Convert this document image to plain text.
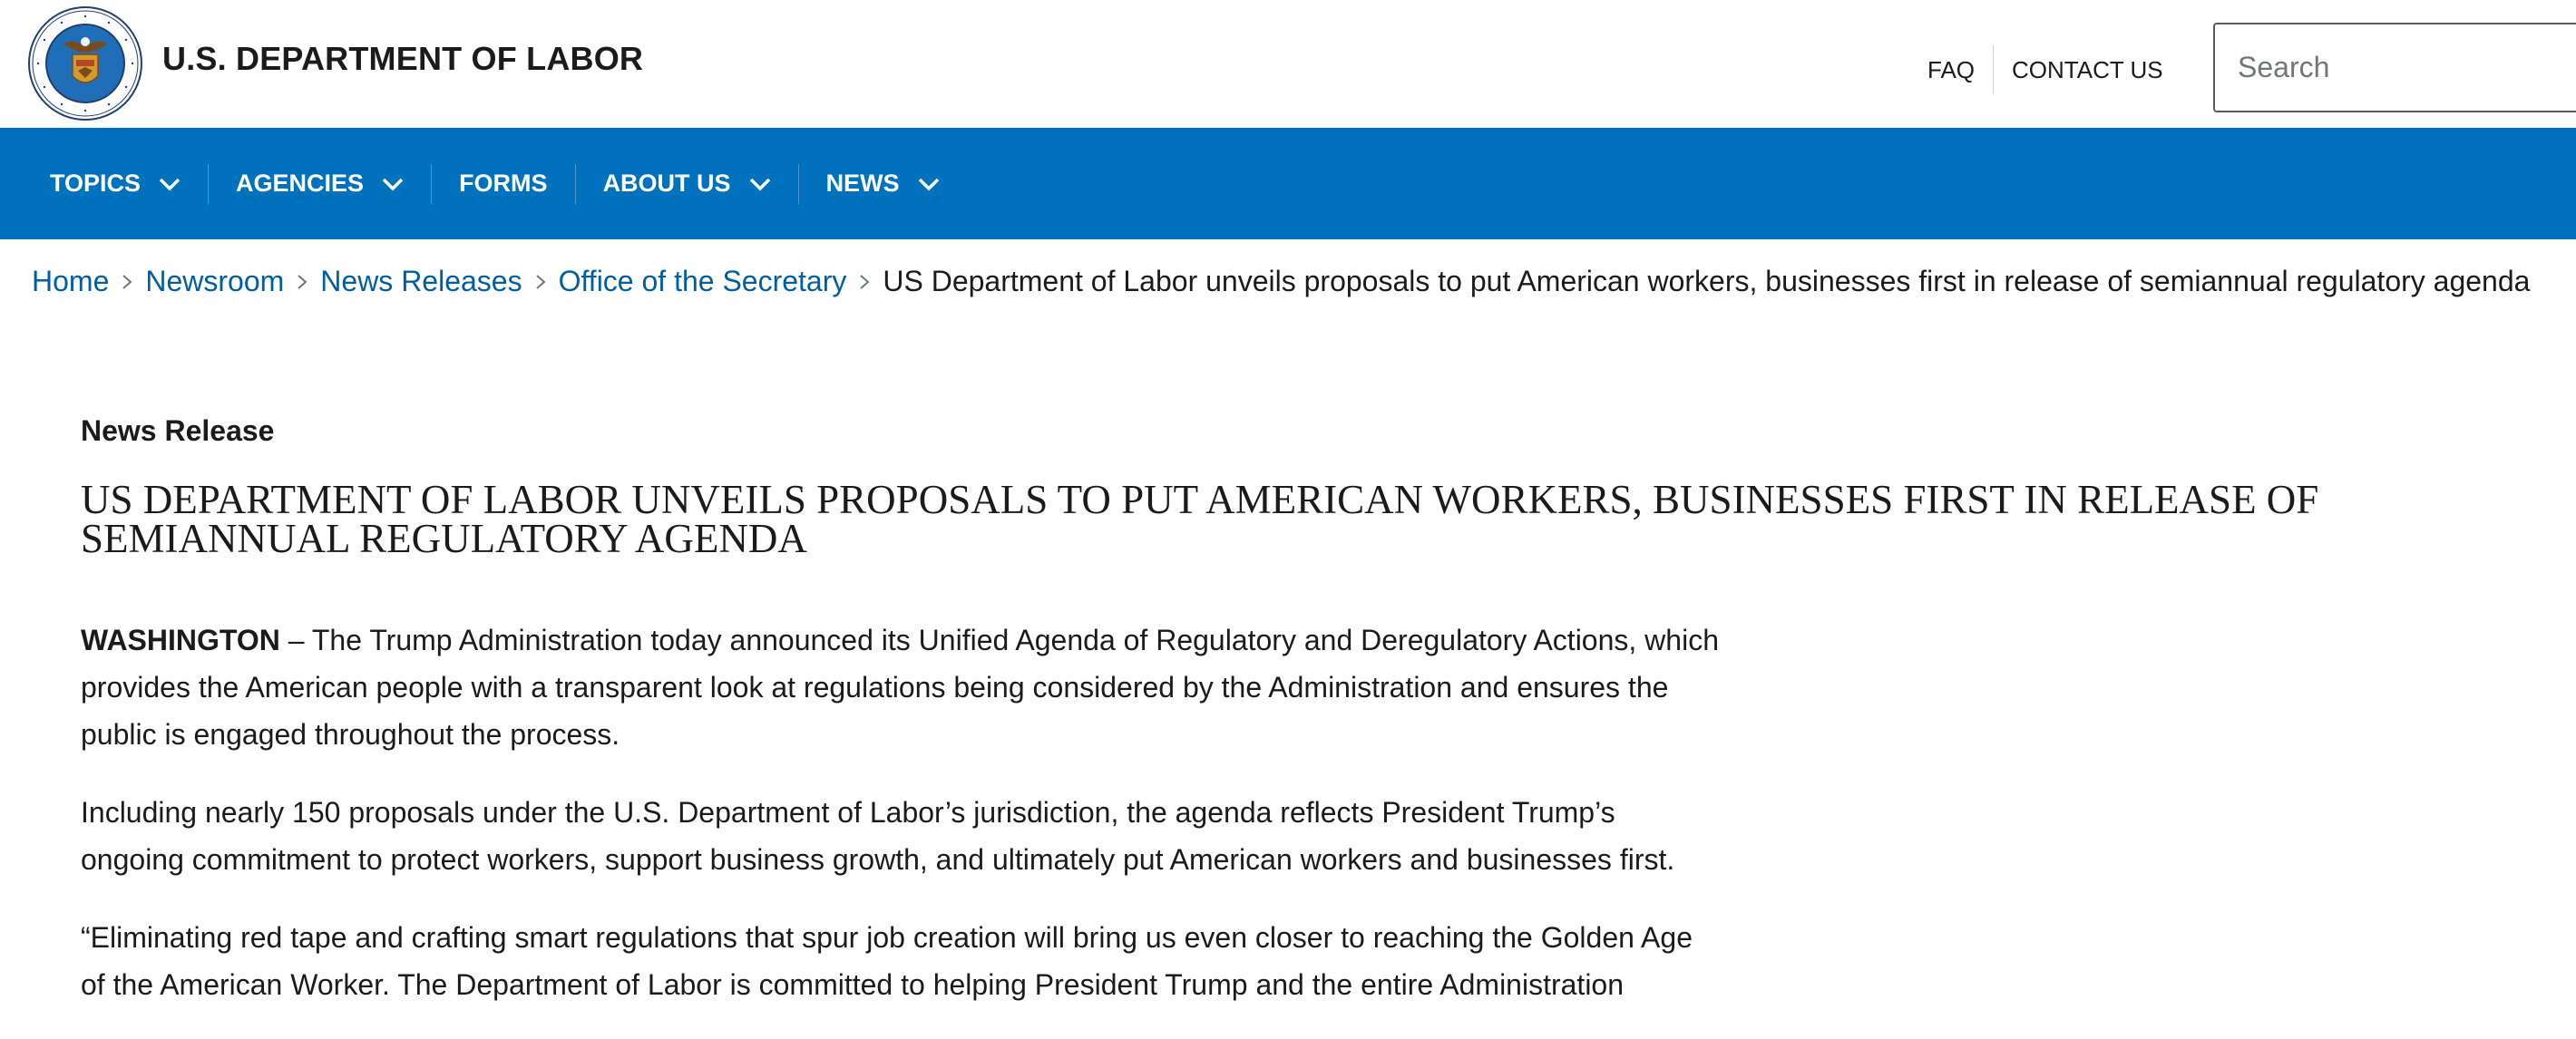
U.S. DEPARTMENT OF LABOR	FAQ CONTACT US
Search
TOPICS	AGENCIES	FORMS ABOUT US	NEWS
Home Newsroom News Releases Office of the Secretary US Department of Labor unveils proposals to put American workers, businesses first in release of semiannual regulatory agenda
News Release
US DEPARTMENT OF LABOR UNVEILS PROPOSALS TO PUT AMERICAN WORKERS, BUSINESSES FIRST IN RELEASE OF SEMIANNUAL REGULATORY AGENDA

WASHINGTON – The Trump Administration today announced its Unified Agenda of Regulatory and Deregulatory Actions, which provides the American people with a transparent look at regulations being considered by the Administration and ensures the public is engaged throughout the process.

Including nearly 150 proposals under the U.S. Department of Labor’s jurisdiction, the agenda reflects President Trump’s ongoing commitment to protect workers, support business growth, and ultimately put American workers and businesses first.

“Eliminating red tape and crafting smart regulations that spur job creation will bring us even closer to reaching the Golden Age of the American Worker. The Department of Labor is committed to helping President Trump and the entire Administration
